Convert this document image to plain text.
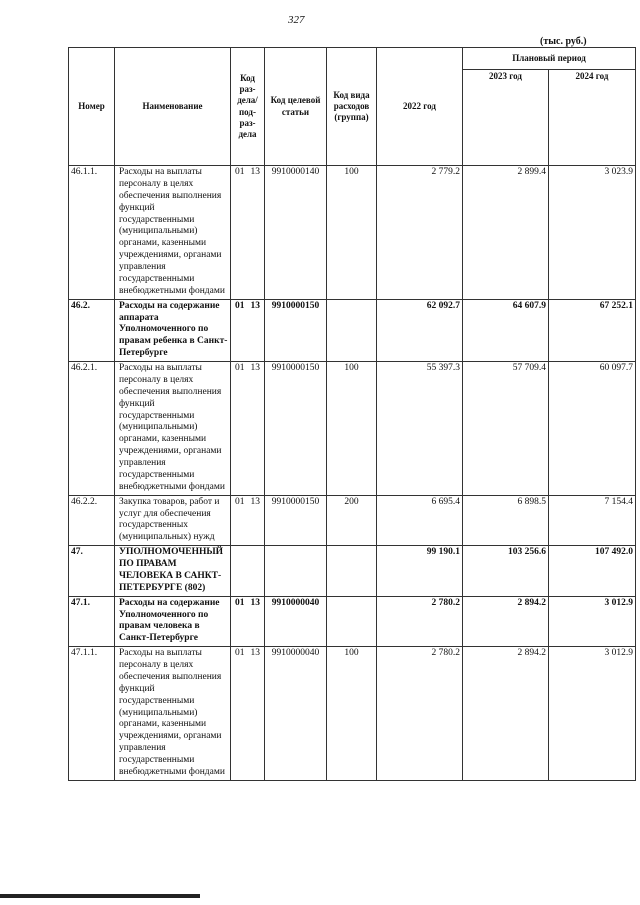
327
(тыс. руб.)
Номер	Наименование	Код раз-дела/под-раз-дела	Код целевой статьи	Код вида расходов (группа)	2022 год	Плановый период	
						2023 год	2024 год
46.1.1.	Расходы на выплаты персоналу в целях обеспечения выполнения функций государственными (муниципальными) органами, казенными учреждениями, органами управления государственными внебюджетными фондами	01 13	9910000140	100	2 779.2	2 899.4	3 023.9
46.2.	Расходы на содержание аппарата Уполномоченного по правам ребенка в Санкт-Петербурге	01 13	9910000150		62 092.7	64 607.9	67 252.1
46.2.1.	Расходы на выплаты персоналу в целях обеспечения выполнения функций государственными (муниципальными) органами, казенными учреждениями, органами управления государственными внебюджетными фондами	01 13	9910000150	100	55 397.3	57 709.4	60 097.7
46.2.2.	Закупка товаров, работ и услуг для обеспечения государственных (муниципальных) нужд	01 13	9910000150	200	6 695.4	6 898.5	7 154.4
47.	УПОЛНОМОЧЕННЫЙ ПО ПРАВАМ ЧЕЛОВЕКА В САНКТ-ПЕТЕРБУРГЕ (802)				99 190.1	103 256.6	107 492.0
47.1.	Расходы на содержание Уполномоченного по правам человека в Санкт-Петербурге	01 13	9910000040		2 780.2	2 894.2	3 012.9
47.1.1.	Расходы на выплаты персоналу в целях обеспечения выполнения функций государственными (муниципальными) органами, казенными учреждениями, органами управления государственными внебюджетными фондами	01 13	9910000040	100	2 780.2	2 894.2	3 012.9
